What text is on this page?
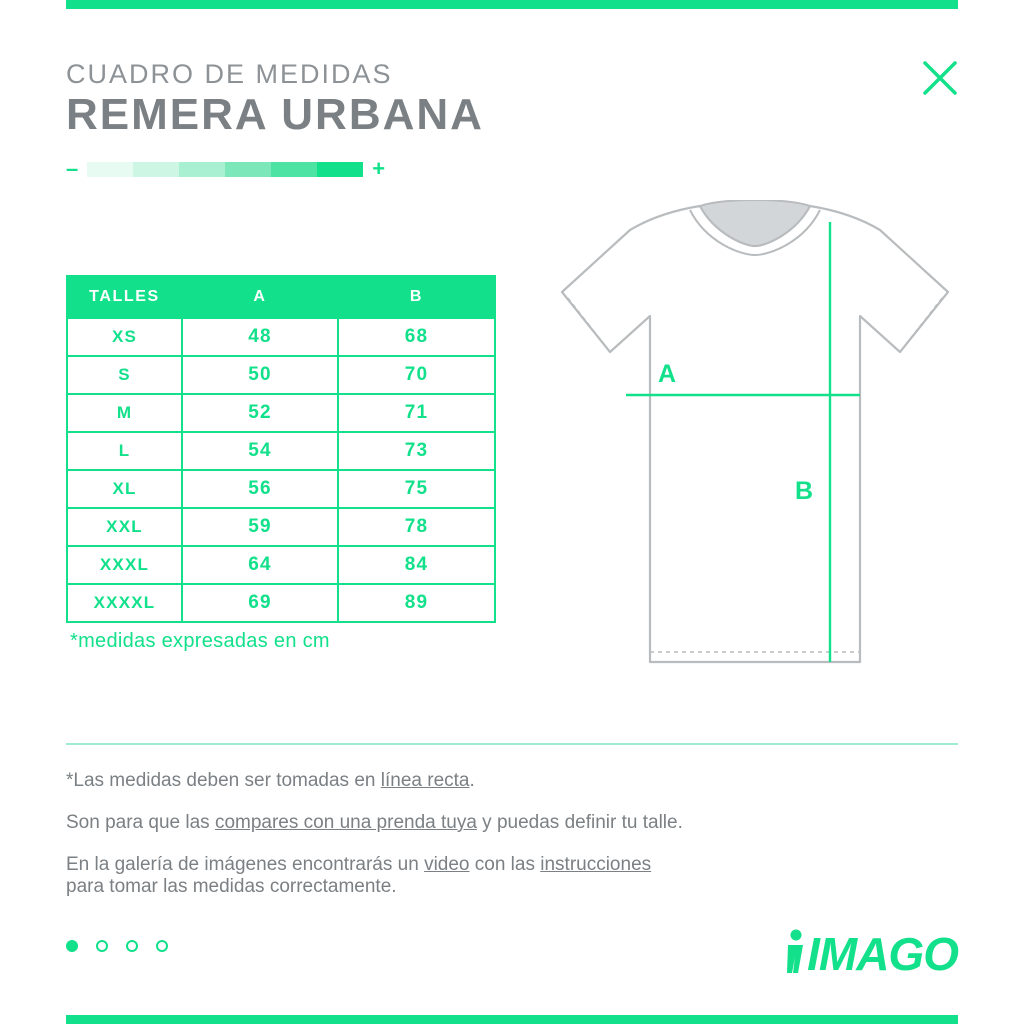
CUADRO DE MEDIDAS
REMERA URBANA
–	+
TALLES	A	B
XS	48	68
S	50	70
M	52	71
L	54	73
XL	56	75
XXL	59	78
XXXL	64	84
XXXXL	69	89
*medidas expresadas en cm
A
B

*Las medidas deben ser tomadas en línea recta.

Son para que las compares con una prenda tuya y puedas definir tu talle.

En la galería de imágenes encontrarás un video con las instrucciones
para tomar las medidas correctamente.

IMAGO
